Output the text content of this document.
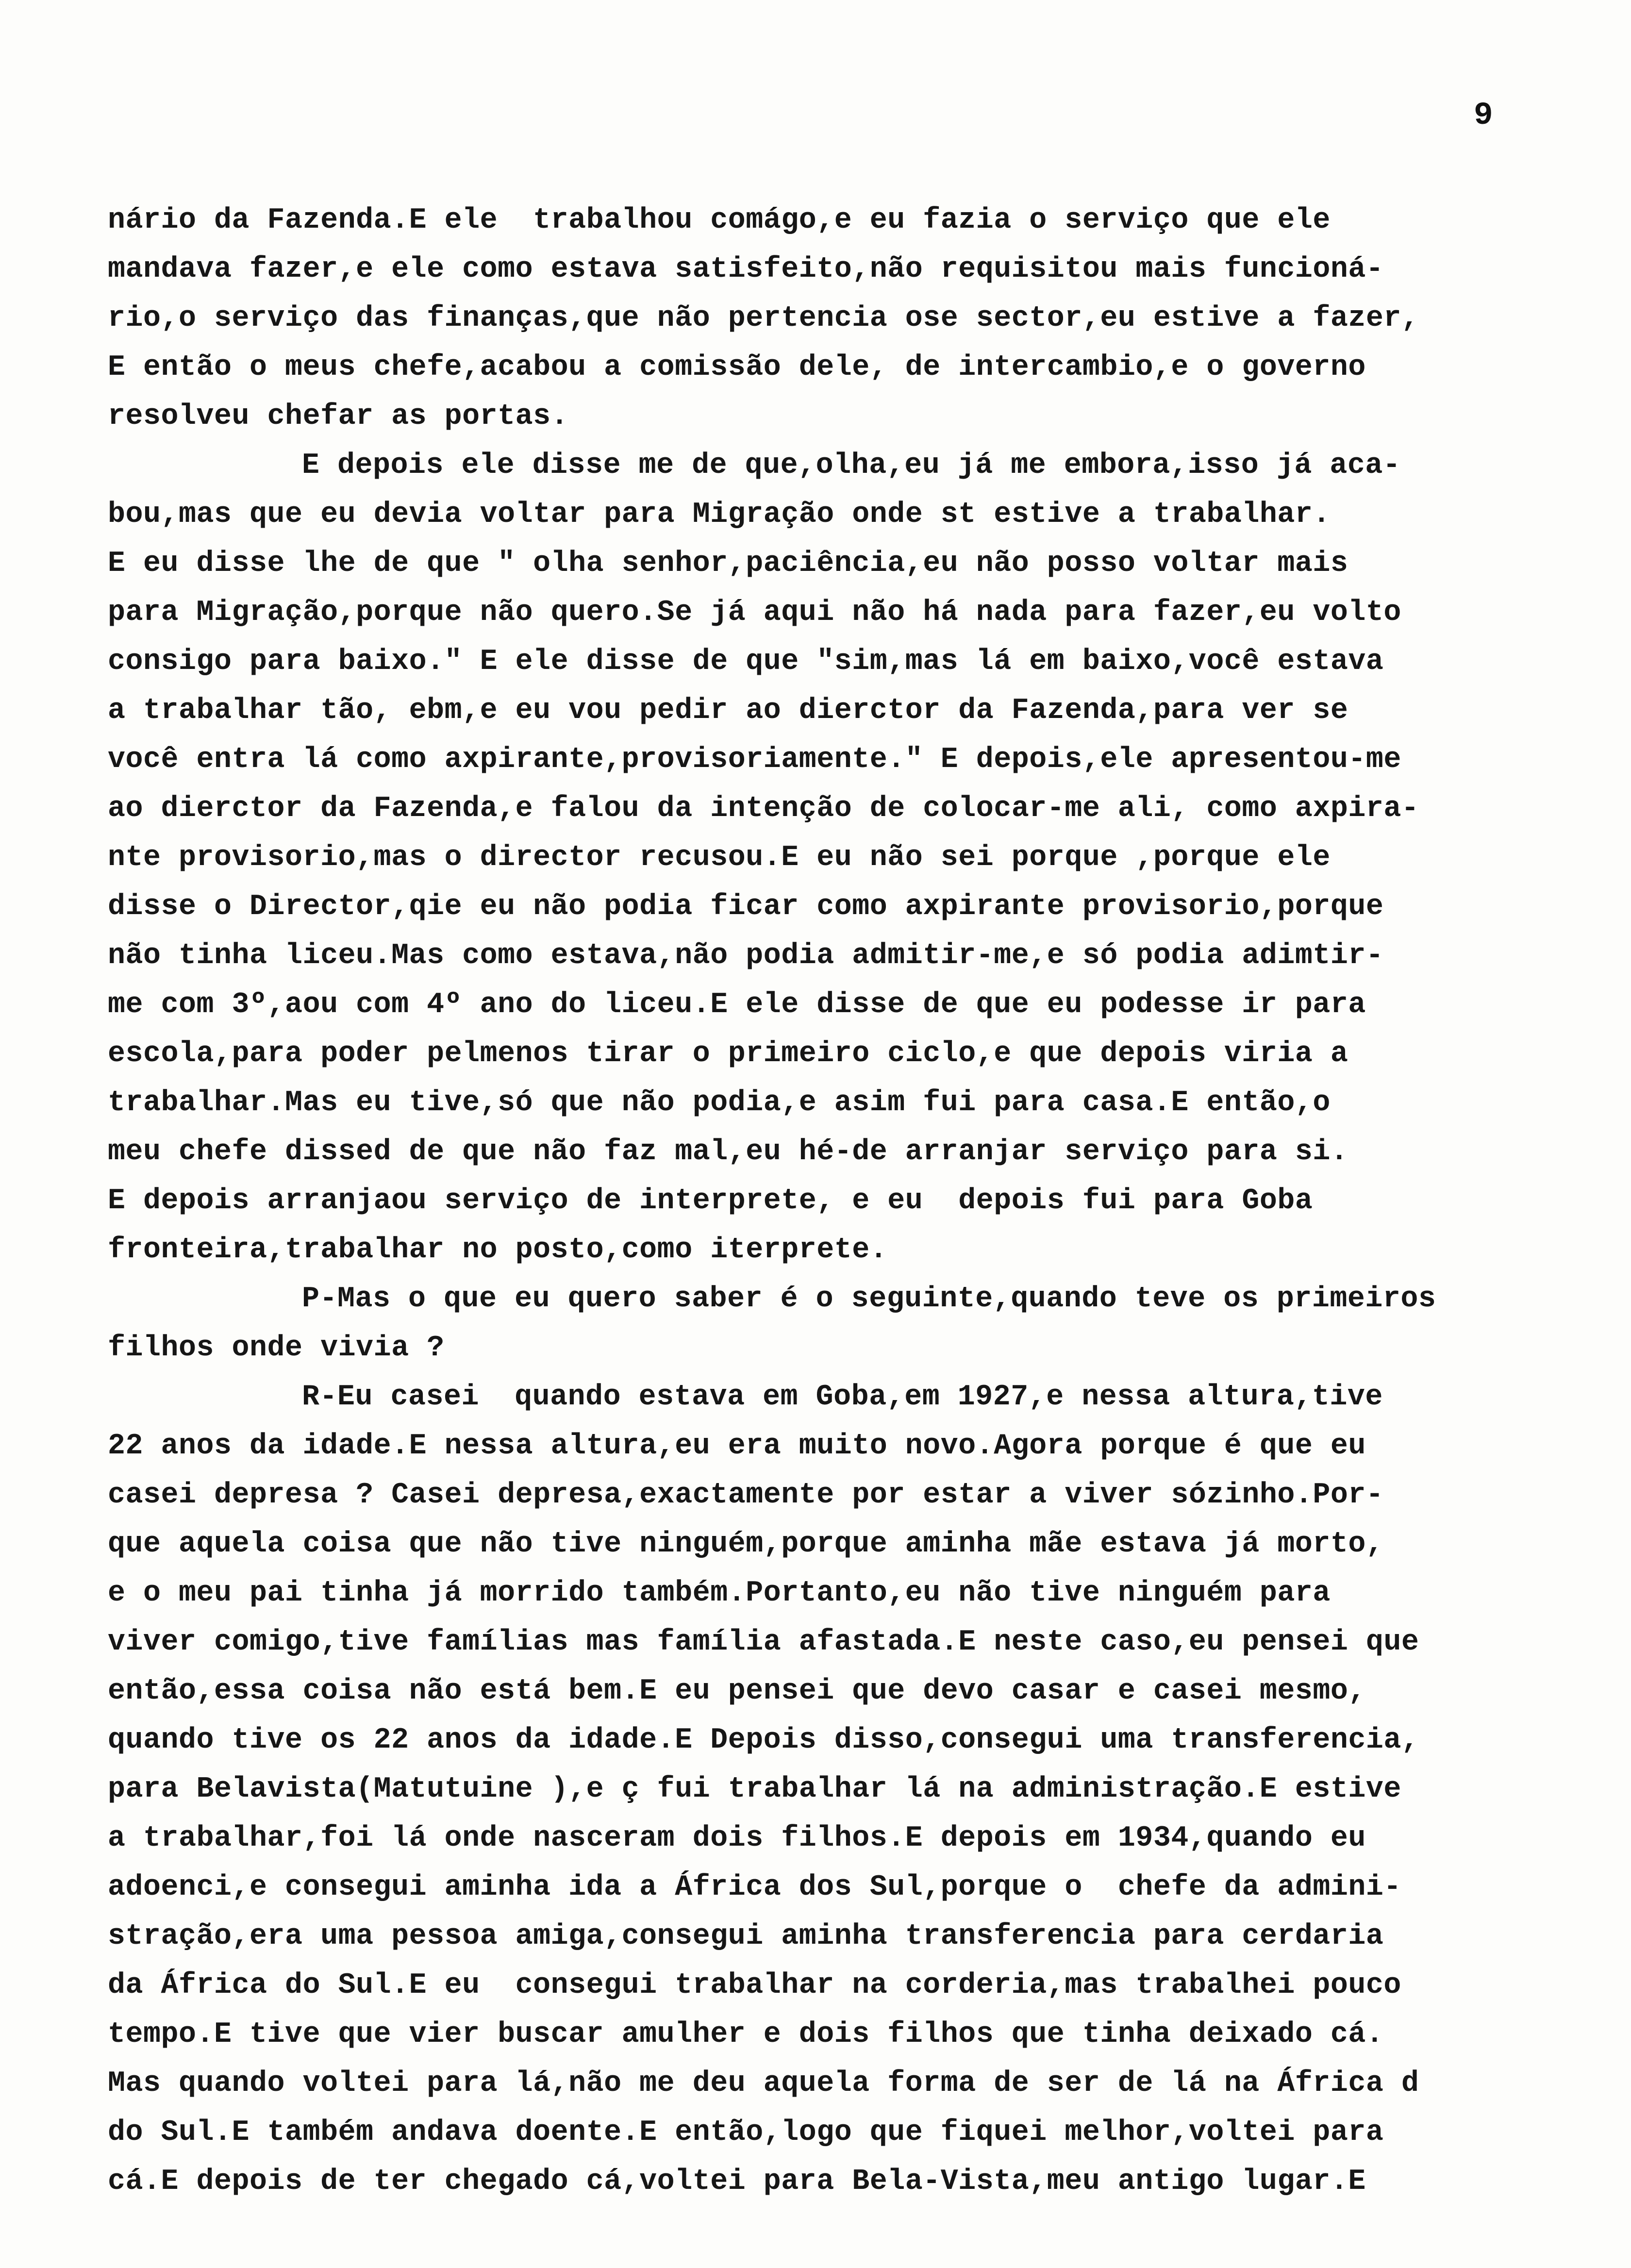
9
nário da Fazenda.E ele  trabalhou comágo,e eu fazia o serviço que ele
mandava fazer,e ele como estava satisfeito,não requisitou mais funcioná-
rio,o serviço das finanças,que não pertencia ose sector,eu estive a fazer,
E então o meus chefe,acabou a comissão dele, de intercambio,e o governo
resolveu chefar as portas.
E depois ele disse me de que,olha,eu já me embora,isso já aca-
bou,mas que eu devia voltar para Migração onde st estive a trabalhar.
E eu disse lhe de que " olha senhor,paciência,eu não posso voltar mais
para Migração,porque não quero.Se já aqui não há nada para fazer,eu volto
consigo para baixo." E ele disse de que "sim,mas lá em baixo,você estava
a trabalhar tão, ebm,e eu vou pedir ao dierctor da Fazenda,para ver se
você entra lá como axpirante,provisoriamente." E depois,ele apresentou-me
ao dierctor da Fazenda,e falou da intenção de colocar-me ali, como axpira-
nte provisorio,mas o director recusou.E eu não sei porque ,porque ele
disse o Director,qie eu não podia ficar como axpirante provisorio,porque
não tinha liceu.Mas como estava,não podia admitir-me,e só podia adimtir-
me com 3º,aou com 4º ano do liceu.E ele disse de que eu podesse ir para
escola,para poder pelmenos tirar o primeiro ciclo,e que depois viria a
trabalhar.Mas eu tive,só que não podia,e asim fui para casa.E então,o
meu chefe dissed de que não faz mal,eu hé-de arranjar serviço para si.
E depois arranjaou serviço de interprete, e eu  depois fui para Goba
fronteira,trabalhar no posto,como iterprete.
P-Mas o que eu quero saber é o seguinte,quando teve os primeiros
filhos onde vivia ?
R-Eu casei  quando estava em Goba,em 1927,e nessa altura,tive
22 anos da idade.E nessa altura,eu era muito novo.Agora porque é que eu
casei depresa ? Casei depresa,exactamente por estar a viver sózinho.Por-
que aquela coisa que não tive ninguém,porque aminha mãe estava já morto,
e o meu pai tinha já morrido também.Portanto,eu não tive ninguém para
viver comigo,tive famílias mas família afastada.E neste caso,eu pensei que
então,essa coisa não está bem.E eu pensei que devo casar e casei mesmo,
quando tive os 22 anos da idade.E Depois disso,consegui uma transferencia,
para Belavista(Matutuine ),e ç fui trabalhar lá na administração.E estive
a trabalhar,foi lá onde nasceram dois filhos.E depois em 1934,quando eu
adoenci,e consegui aminha ida a África dos Sul,porque o  chefe da admini-
stração,era uma pessoa amiga,consegui aminha transferencia para cerdaria
da África do Sul.E eu  consegui trabalhar na corderia,mas trabalhei pouco
tempo.E tive que vier buscar amulher e dois filhos que tinha deixado cá.
Mas quando voltei para lá,não me deu aquela forma de ser de lá na África d
do Sul.E também andava doente.E então,logo que fiquei melhor,voltei para
cá.E depois de ter chegado cá,voltei para Bela-Vista,meu antigo lugar.E
